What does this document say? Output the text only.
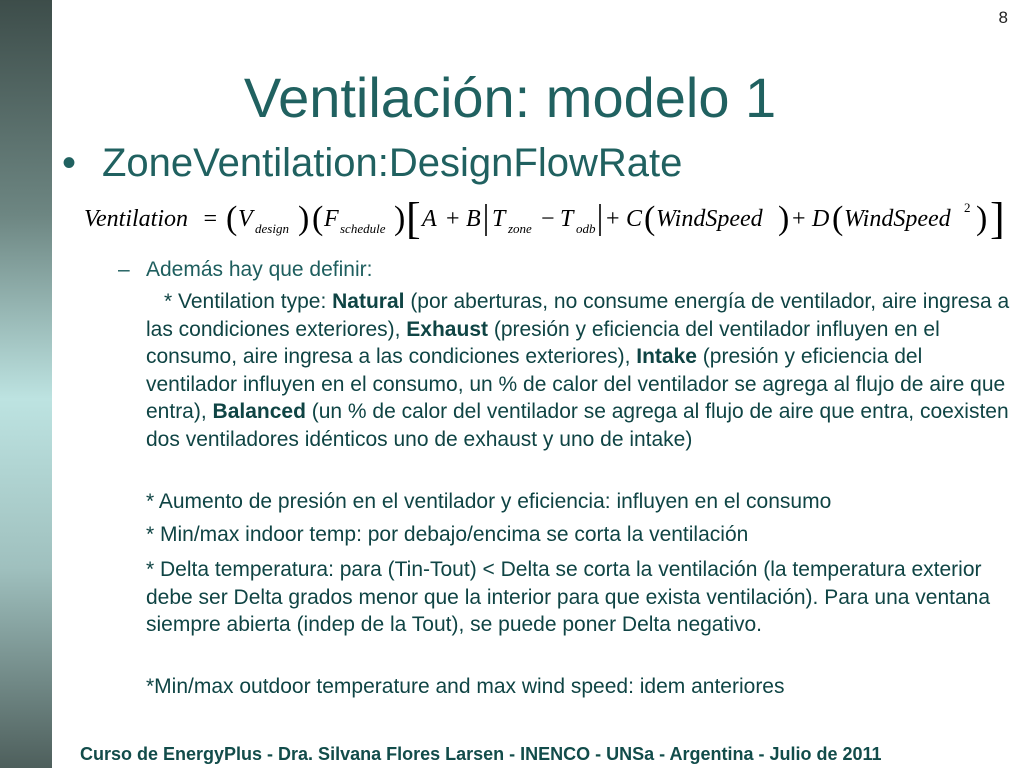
8
Ventilación: modelo 1
• ZoneVentilation:DesignFlowRate
Ventilation = ( V design ) ( F schedule ) [ A + B T zone − T odb + C ( WindSpeed ) + D ( WindSpeed 2 ) ]
– Además hay que definir:
* Ventilation type: Natural (por aberturas, no consume energía de ventilador, aire ingresa a las condiciones exteriores), Exhaust (presión y eficiencia del ventilador influyen en el consumo, aire ingresa a las condiciones exteriores), Intake (presión y eficiencia del ventilador influyen en el consumo, un % de calor del ventilador se agrega al flujo de aire que entra), Balanced (un % de calor del ventilador se agrega al flujo de aire que entra, coexisten dos ventiladores idénticos uno de exhaust y uno de intake)
* Aumento de presión en el ventilador y eficiencia: influyen en el consumo
* Min/max indoor temp: por debajo/encima se corta la ventilación
* Delta temperatura: para (Tin-Tout) < Delta se corta la ventilación (la temperatura exterior debe ser Delta grados menor que la interior para que exista ventilación). Para una ventana siempre abierta (indep de la Tout), se puede poner Delta negativo.
*Min/max outdoor temperature and max wind speed: idem anteriores
Curso de EnergyPlus - Dra. Silvana Flores Larsen - INENCO - UNSa - Argentina - Julio de 2011
